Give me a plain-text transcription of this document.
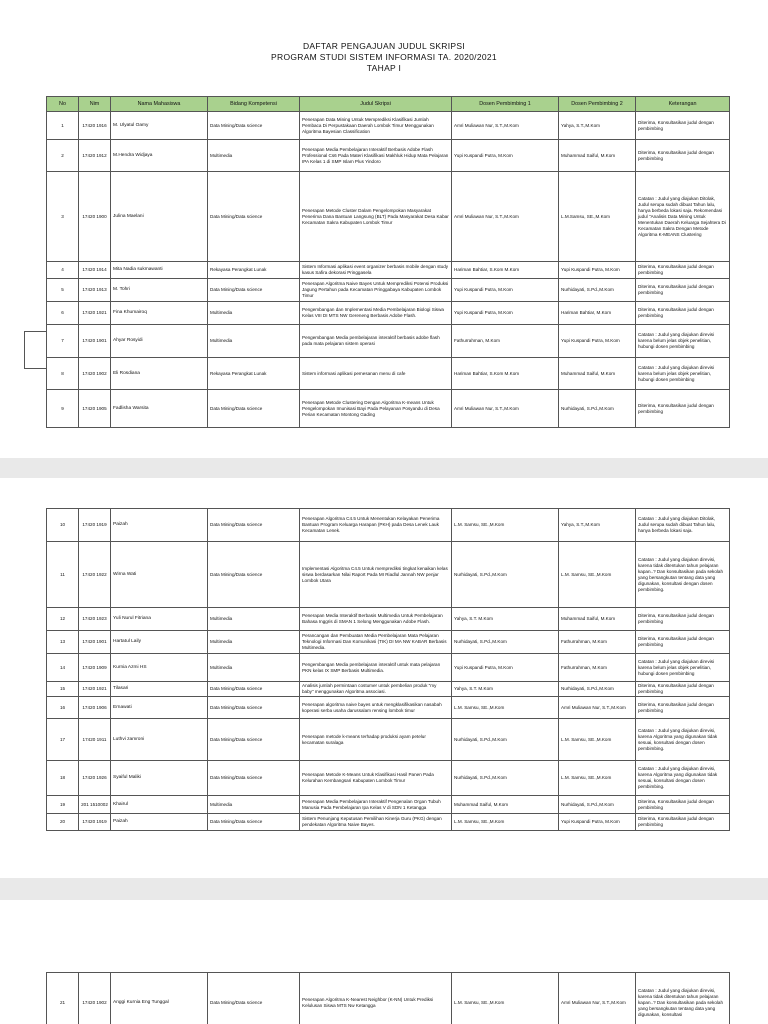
DAFTAR PENGAJUAN JUDUL SKRIPSI
PROGRAM STUDI SISTEM INFORMASI TA. 2020/2021
TAHAP I
No	Nim	Nama Mahasiswa	Bidang Kompetensi	Judul Skripsi	Dosen Pembimbing 1	Dosen Pembimbing 2	Keterangan
1	17420 1916	M. Ulyatul Oamy	Data Mining/Data science	Penerapan Data Mining Untuk Memprediksi Klasifikasi Jumlah Pembaca Di Perpustakaan Daerah Lombok Timur Menggunakan Algoritma Bayesian Classification	Amri Muliawan Nur, S.T.,M.Kom	Yahya, S.T.,M.Kom	Diterima, Konsultasikan judul dengan pembimbing
2	17420 1912	M.Hendra Widjaya	Multimedia	Penerapan Media Pembelajaran Interaktif Berbasis Adobe Flash Professional Cs6 Pada Materi Klasifikasi Makhluk Hidup Mata Pelajaran IPA Kelas 1 di SMP Islam Plus Yindoro	Yupi Kuspandi Putra, M.Kom	Muhammad Saiful, M.Kom	Diterima, Konsultasikan judul dengan pembimbing
3	17420 1900	Julina Maelani	Data Mining/Data science	Penerapan Metode Cluster Dalam Pengelompokan Masyarakat Penerima Dana Bantuan Langsung (BLT) Pada Masyarakat Desa Kabar Kecamatan Sakra Kabupaten Lombok Timur	Amri Muliawan Nur, S.T.,M.Kom	L.M.Samsu, SE.,M.Kom	Catatan : Judul yang diajukan Ditolak, Judul serupa sudah dibuat Tahun lalu, hanya berbeda lokasi saja. Rekomendasi judul "Analisis Data Mining Untuk Menentukan Daerah Keluarga Sejahtera Di Kecamatan Sakra Dengan Metode Algoritma K-MEANS Clustering
4	17420 1914	Mita Nadia sukmawanti	Rekayasa Perangkat Lunak	Sistem Informasi aplikasi event organizer berbasis mobile dengan study kasus Safira dekorasi Pringgasela	Hariman Bahtiar, S.Kom M.Kom	Yupi Kuspandi Putra, M.Kom	Diterima, Konsultasikan judul dengan pembimbing
5	17420 1913	M. Tohri	Data Mining/Data science	Penerapan Algoritma Naive Bayes Untuk Memprediksi Potensi Produksi Jagung Pertahun pada Kecamatan Pringgabaya Kabupaten Lombok Timur	Yupi Kuspandi Putra, M.Kom	Nurhidayati, S.Pd.,M.Kom	Diterima, Konsultasikan judul dengan pembimbing
6	17420 1921	Fina Khumairoq	Multimedia	Pengembangan dan Implementasi Media Pembelajaran Biologi Siswa Kelas VIII DI MTS NW Gereneng Berbasis Adobe Flash.	Yupi Kuspandi Putra, M.Kom	Hariman Bahtiar, M.Kom	Diterima, Konsultasikan judul dengan pembimbing
7	17420 1901	Ahyar Rosyidi	Multimedia	Pengembangan Media pembelajaran interaktif berbasis adobe flash pada mata pelajaran sistem operasi	Fathurrahman, M.Kom	Yupi Kuspandi Putra, M.Kom	Catatan : Judul yang diajukan direvisi karena belum jelas objek penelitian, hubungi dosen pembimbing
8	17420 1902	Eli Rosdiana	Rekayasa Perangkat Lunak	Sistem informasi aplikasi pemesanan menu di cafe	Hariman Bahtiar, S.Kom M.Kom	Muhammad Saiful, M.Kom	Catatan : Judul yang diajukan direvisi karena belum jelas objek penelitian, hubungi dosen pembimbing
9	17420 1905	Fadlisha Warsita	Data Mining/Data science	Penerapan Metode Clustering Dengan Algoritma K-means Untuk Pengelompokan Imunisasi Bayi Pada Pelayanan Posyandu di Desa Perian Kecamatan Montong Gading	Amri Muliawan Nur, S.T.,M.Kom	Nurhidayati, S.Pd.,M.Kom	Diterima, Konsultasikan judul dengan pembimbing
10	17420 1919	Paizah	Data Mining/Data science	Penerapan Algoritma C4.5 Untuk Menentukan Kelayakan Penerima Bantuan Program Keluarga Harapan (PKH) pada Desa Lenek Lauk Kecamatan Lenek.	L.M. Samsu, SE.,M.Kom	Yahya, S.T.,M.Kom	Catatan : Judul yang diajukan Ditolak, Judul serupa sudah dibuat Tahun lalu, hanya berbeda lokasi saja.
11	17420 1922	Wirna Wati	Data Mining/Data science	Implementasi Algoritma C4.5 Untuk memprediksi tingkat kenaikan kelas siswa berdasarkan Nilai Raport Pada MI Riadlul Jannah NW penjar Lombok Utara	Nurhidayati, S.Pd.,M.Kom	L.M. Samsu, SE.,M.Kom	Catatan : Judul yang diajukan direvisi, karena tidak ditentukan tahun pelajaran kapan..? Dan konsultasikan pada sekolah yang bersangkutan tentang data yang digunakan, konsultasi dengan dosen pembimbing.
12	17420 1923	Yuli Nurul Fitriana	Multimedia	Penerapan Media Interaktif Berbasis Multimedia Untuk Pembelajaran Bahasa Inggris di SMAN 1 Selong Menggunakan Adobe Flash.	Yahya, S.T. M.Kom	Muhammad Saiful, M.Kom	Diterima, Konsultasikan judul dengan pembimbing
13	17420 1901	Hartatul Laily	Multimedia	Perancangan dan Pembuatan Media Pembelajaran Mata Pelajaran Teknologi Informasi Dan Komunikasi (TIK) DI MA NW KABAR Berbasis Multimedia.	Nurhidayati, S.Pd.,M.Kom	Fathurrahman, M.Kom	Diterima, Konsultasikan judul dengan pembimbing
14	17420 1909	Kurnia Azmi HS	Multimedia	Pengembangan Media pembelajaran interaktif untuk mata pelajaran PKN kelas IX SMP Berbasis Multimedia.	Yupi Kuspandi Putra, M.Kom	Fathurrahman, M.Kom	Catatan : Judul yang diajukan direvisi karena belum jelas objek penelitian, hubungi dosen pembimbing
15	17420 1921	Tilasari	Data Mining/Data science	Analisis jumlah permintaan costumer untuk pembelian produk "my baby" menggunakan Algoritma associasi.	Yahya, S.T. M.Kom	Nurhidayati, S.Pd.,M.Kom	Diterima, Konsultasikan judul dengan pembimbing
16	17420 1906	Ernawati	Data Mining/Data science	Penerapan algoritma naive bayes untuk mengklasifikasikan nasabah koperasi serba usaha darussalam rensing lombok timur	L.M. Samsu, SE.,M.Kom	Amri Muliawan Nur, S.T.,M.Kom	Diterima, Konsultasikan judul dengan pembimbing
17	17420 1911	Luthvi zamroni	Data Mining/Data science	Penerapan metode k-means terhadap produksi ayam petelur kecamatan suralaga	Nurhidayati, S.Pd.,M.Kom	L.M. Samsu, SE.,M.Kom	Catatan : Judul yang diajukan direvisi, karena Algoritma yang digunakan tidak sesuai, konsultasi dengan dosen pembimbing.
18	17420 1926	Syaiful Maliki	Data Mining/Data science	Penerapan Metode K-Means Untuk Klasifikasi Hasil Panen Pada Kelurahan Kembangsari Kabupaten Lombok Timur	Nurhidayati, S.Pd.,M.Kom	L.M. Samsu, SE.,M.Kom	Catatan : Judul yang diajukan direvisi, karena Algoritma yang digunakan tidak sesuai, konsultasi dengan dosen pembimbing.
19	201 1510002	Khairul	Multimedia	Penerapan Media Pembelajaran Interaktif Pengenalan Organ Tubuh Manusia Pada Pembelajaran Ipa Kelas V di SDN 1 Ketangga	Muhammad Saiful, M.Kom	Nurhidayati, S.Pd.,M.Kom	Diterima, Konsultasikan judul dengan pembimbing
20	17420 1919	Paizah	Data Mining/Data science	Sistem Penunjang Keputusan Pemilihan Kinerja Guru (PKG) dengan pendekatan Algoritma Naive Bayes.	L.M. Samsu, SE.,M.Kom	Yupi Kuspandi Putra, M.Kom	Diterima, Konsultasikan judul dengan pembimbing
21	17420 1902	Anggi Kurnia Eng Tunggal	Data Mining/Data science	Penerapan Algoritma K-Nearest Neighbor (K-NN) Untuk Prediksi Kelulusan Siswa MTS Nw Ketangga	L.M. Samsu, SE.,M.Kom	Amri Muliawan Nur, S.T.,M.Kom	Catatan : Judul yang diajukan direvisi, karena tidak ditentukan tahun pelajaran kapan..? Dan konsultasikan pada sekolah yang bersangkutan tentang data yang digunakan, konsultasi
